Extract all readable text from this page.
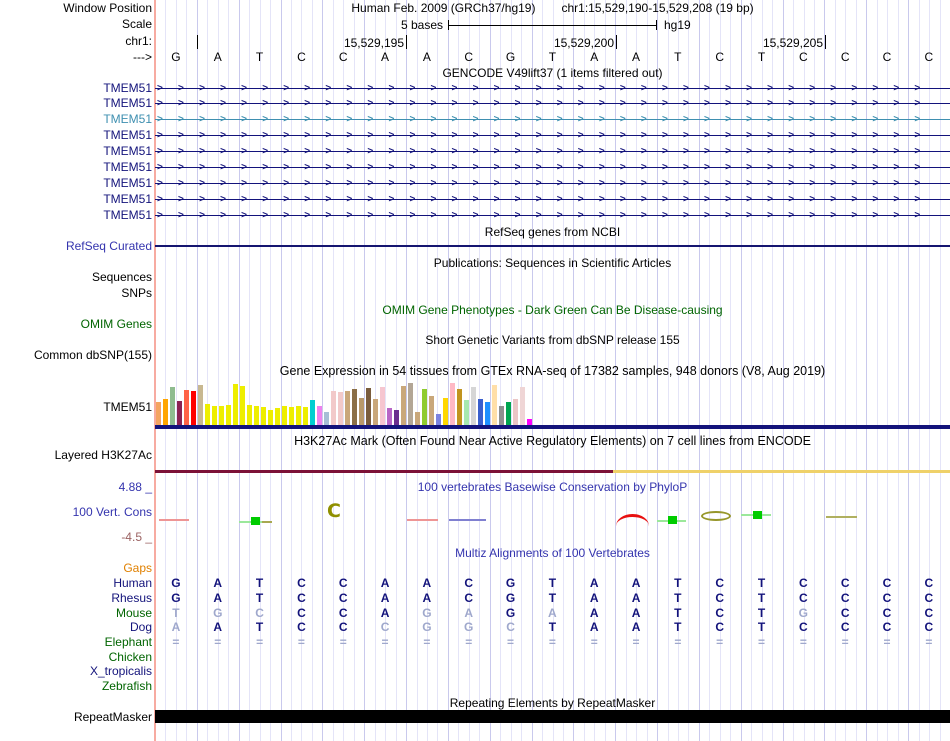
Window Position	Human Feb. 2009 (GRCh37/hg19) chr1:15,529,190-15,529,208 (19 bp)
Scale	5 bases	hg19
chr1:	15,529,195	15,529,200	15,529,205
--->	G	A	T	C	C	A	A	C	G	T	A	A	T	C	T	C	C	C	C
GENCODE V49lift37 (1 items filtered out)
TMEM51 >>>>>>>>>>>>>>>>>>>>>>>>>>>>>>>>>>>>>
TMEM51 >>>>>>>>>>>>>>>>>>>>>>>>>>>>>>>>>>>>>
TMEM51 >>>>>>>>>>>>>>>>>>>>>>>>>>>>>>>>>>>>>
TMEM51 >>>>>>>>>>>>>>>>>>>>>>>>>>>>>>>>>>>>>
TMEM51 >>>>>>>>>>>>>>>>>>>>>>>>>>>>>>>>>>>>>
TMEM51 >>>>>>>>>>>>>>>>>>>>>>>>>>>>>>>>>>>>>
TMEM51 >>>>>>>>>>>>>>>>>>>>>>>>>>>>>>>>>>>>>
TMEM51 >>>>>>>>>>>>>>>>>>>>>>>>>>>>>>>>>>>>>
TMEM51 >>>>>>>>>>>>>>>>>>>>>>>>>>>>>>>>>>>>>
RefSeq genes from NCBI
RefSeq Curated
Publications: Sequences in Scientific Articles
Sequences
SNPs
OMIM Gene Phenotypes - Dark Green Can Be Disease-causing
OMIM Genes
Short Genetic Variants from dbSNP release 155
Common dbSNP(155)
Gene Expression in 54 tissues from GTEx RNA-seq of 17382 samples, 948 donors (V8, Aug 2019)
TMEM51
H3K27Ac Mark (Often Found Near Active Regulatory Elements) on 7 cell lines from ENCODE
Layered H3K27Ac
4.88 _	100 vertebrates Basewise Conservation by PhyloP
100 Vert. Cons
-4.5 _
C
Multiz Alignments of 100 Vertebrates
Gaps
Human	G	A	T	C	C	A	A	C	G	T	A	A	T	C	T	C	C	C	C
Rhesus	G	A	T	C	C	A	A	C	G	T	A	A	T	C	T	C	C	C	C
Mouse	T	G	C	C	C	A	G	A	G	A	A	A	T	C	T	G	C	C	C
Dog	A	A	T	C	C	C	G	G	C	T	A	A	T	C	T	C	C	C	C
Elephant	=	=	=	=	=	=	=	=	=	=	=	=	=	=	=	=	=	=	=
Chicken
X_tropicalis
Zebrafish
Repeating Elements by RepeatMasker
RepeatMasker
